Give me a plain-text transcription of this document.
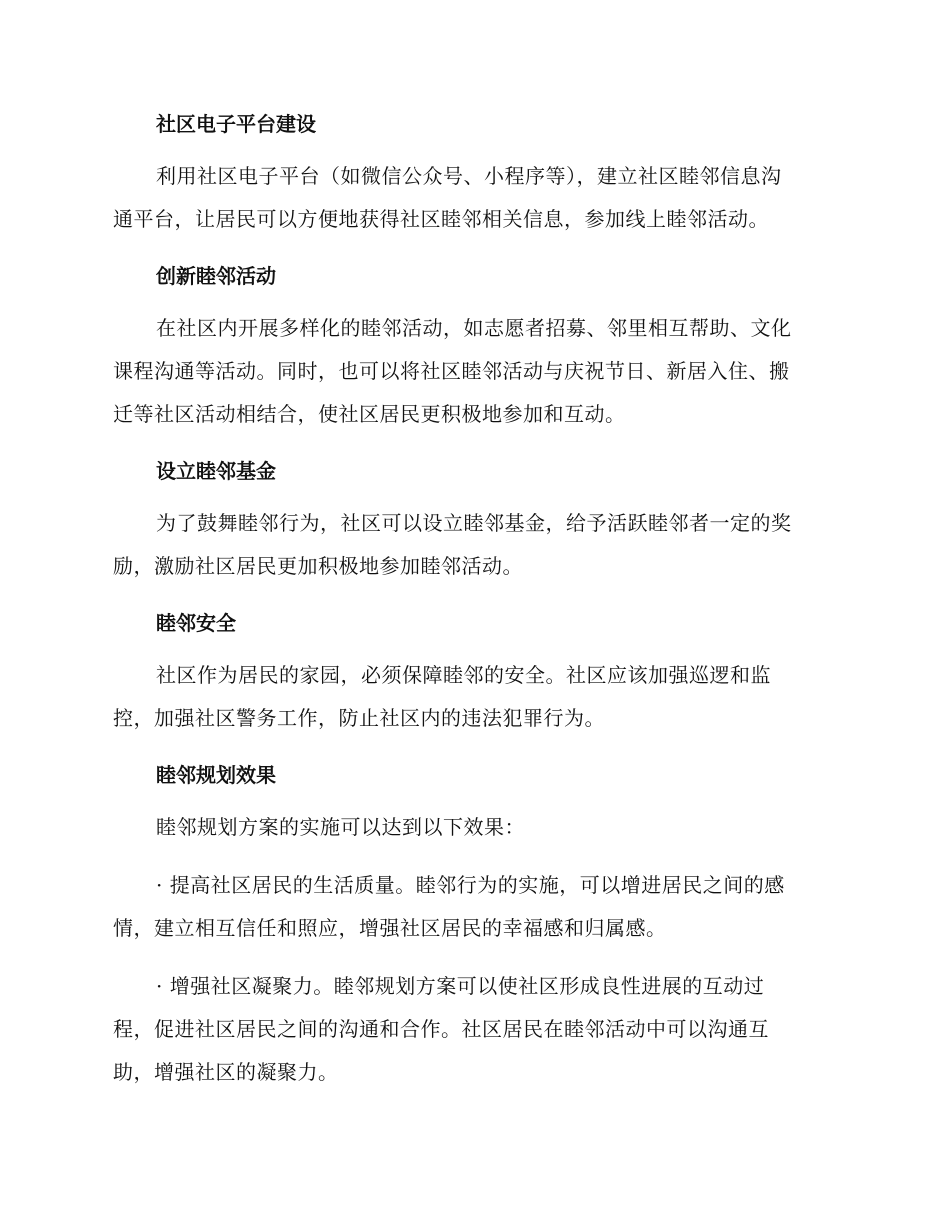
社区电子平台建设
利用社区电子平台（如微信公众号、小程序等），建立社区睦邻信息沟
通平台，让居民可以方便地获得社区睦邻相关信息，参加线上睦邻活动。
创新睦邻活动
在社区内开展多样化的睦邻活动，如志愿者招募、邻里相互帮助、文化
课程沟通等活动。同时，也可以将社区睦邻活动与庆祝节日、新居入住、搬
迁等社区活动相结合，使社区居民更积极地参加和互动。
设立睦邻基金
为了鼓舞睦邻行为，社区可以设立睦邻基金，给予活跃睦邻者一定的奖
励，激励社区居民更加积极地参加睦邻活动。
睦邻安全
社区作为居民的家园，必须保障睦邻的安全。社区应该加强巡逻和监
控，加强社区警务工作，防止社区内的违法犯罪行为。
睦邻规划效果
睦邻规划方案的实施可以达到以下效果：
· 提高社区居民的生活质量。睦邻行为的实施，可以增进居民之间的感
情，建立相互信任和照应，增强社区居民的幸福感和归属感。
· 增强社区凝聚力。睦邻规划方案可以使社区形成良性进展的互动过
程，促进社区居民之间的沟通和合作。社区居民在睦邻活动中可以沟通互
助，增强社区的凝聚力。
